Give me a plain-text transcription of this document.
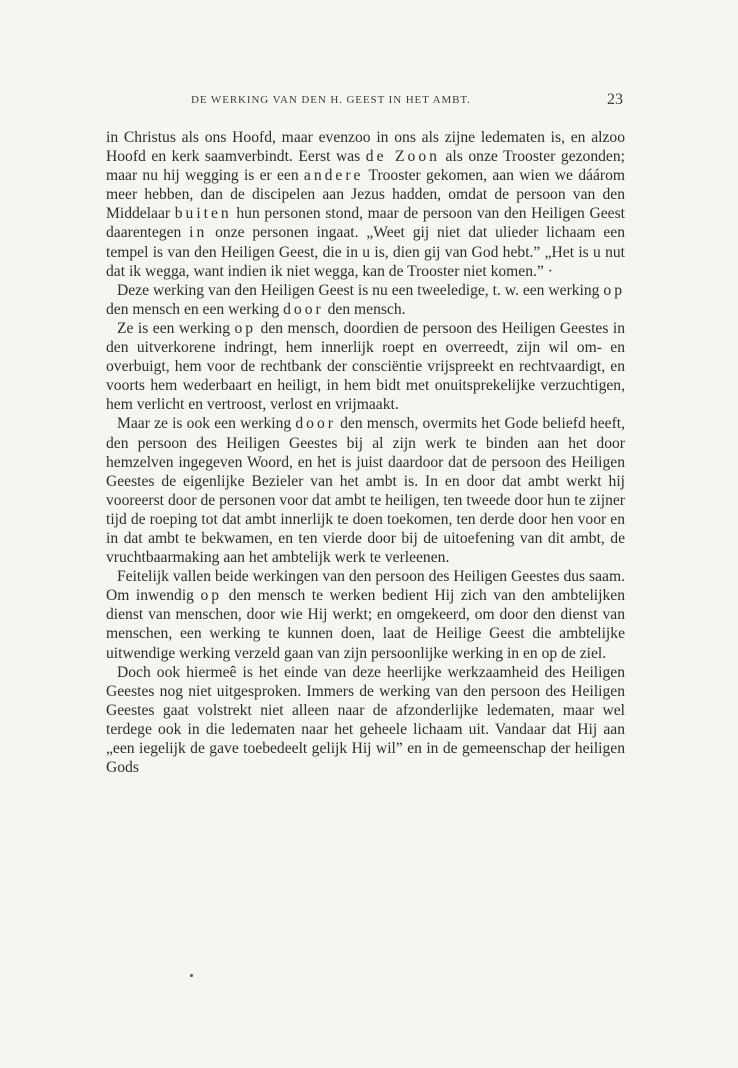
DE WERKING VAN DEN H. GEEST IN HET AMBT.	23

in Christus als ons Hoofd, maar evenzoo in ons als zijne ledematen is, en alzoo Hoofd en kerk saamverbindt. Eerst was de Zoon als onze Trooster gezonden; maar nu hij wegging is er een andere Trooster gekomen, aan wien we dáárom meer hebben, dan de discipelen aan Jezus hadden, omdat de persoon van den Middelaar buiten hun personen stond, maar de persoon van den Heiligen Geest daarentegen in onze personen ingaat. „Weet gij niet dat ulieder lichaam een tempel is van den Heiligen Geest, die in u is, dien gij van God hebt.” „Het is u nut dat ik wegga, want indien ik niet wegga, kan de Trooster niet komen.” ·

Deze werking van den Heiligen Geest is nu een tweeledige, t. w. een werking op den mensch en een werking door den mensch.

Ze is een werking op den mensch, doordien de persoon des Heiligen Geestes in den uitverkorene indringt, hem innerlijk roept en overreedt, zijn wil om- en overbuigt, hem voor de rechtbank der consciëntie vrijspreekt en rechtvaardigt, en voorts hem wederbaart en heiligt, in hem bidt met onuitsprekelijke verzuchtigen, hem verlicht en vertroost, verlost en vrijmaakt.

Maar ze is ook een werking door den mensch, overmits het Gode beliefd heeft, den persoon des Heiligen Geestes bij al zijn werk te binden aan het door hemzelven ingegeven Woord, en het is juist daardoor dat de persoon des Heiligen Geestes de eigenlijke Bezieler van het ambt is. In en door dat ambt werkt hij vooreerst door de personen voor dat ambt te heiligen, ten tweede door hun te zijner tijd de roeping tot dat ambt innerlijk te doen toekomen, ten derde door hen voor en in dat ambt te bekwamen, en ten vierde door bij de uitoefening van dit ambt, de vruchtbaarmaking aan het ambtelijk werk te verleenen.

Feitelijk vallen beide werkingen van den persoon des Heiligen Geestes dus saam. Om inwendig op den mensch te werken bedient Hij zich van den ambtelijken dienst van menschen, door wie Hij werkt; en omgekeerd, om door den dienst van menschen, een werking te kunnen doen, laat de Heilige Geest die ambtelijke uitwendige werking verzeld gaan van zijn persoonlijke werking in en op de ziel.

Doch ook hiermeê is het einde van deze heerlijke werkzaamheid des Heiligen Geestes nog niet uitgesproken. Immers de werking van den persoon des Heiligen Geestes gaat volstrekt niet alleen naar de afzonderlijke ledematen, maar wel terdege ook in die ledematen naar het geheele lichaam uit. Vandaar dat Hij aan „een iegelijk de gave toebedeelt gelijk Hij wil” en in de gemeenschap der heiligen Gods
